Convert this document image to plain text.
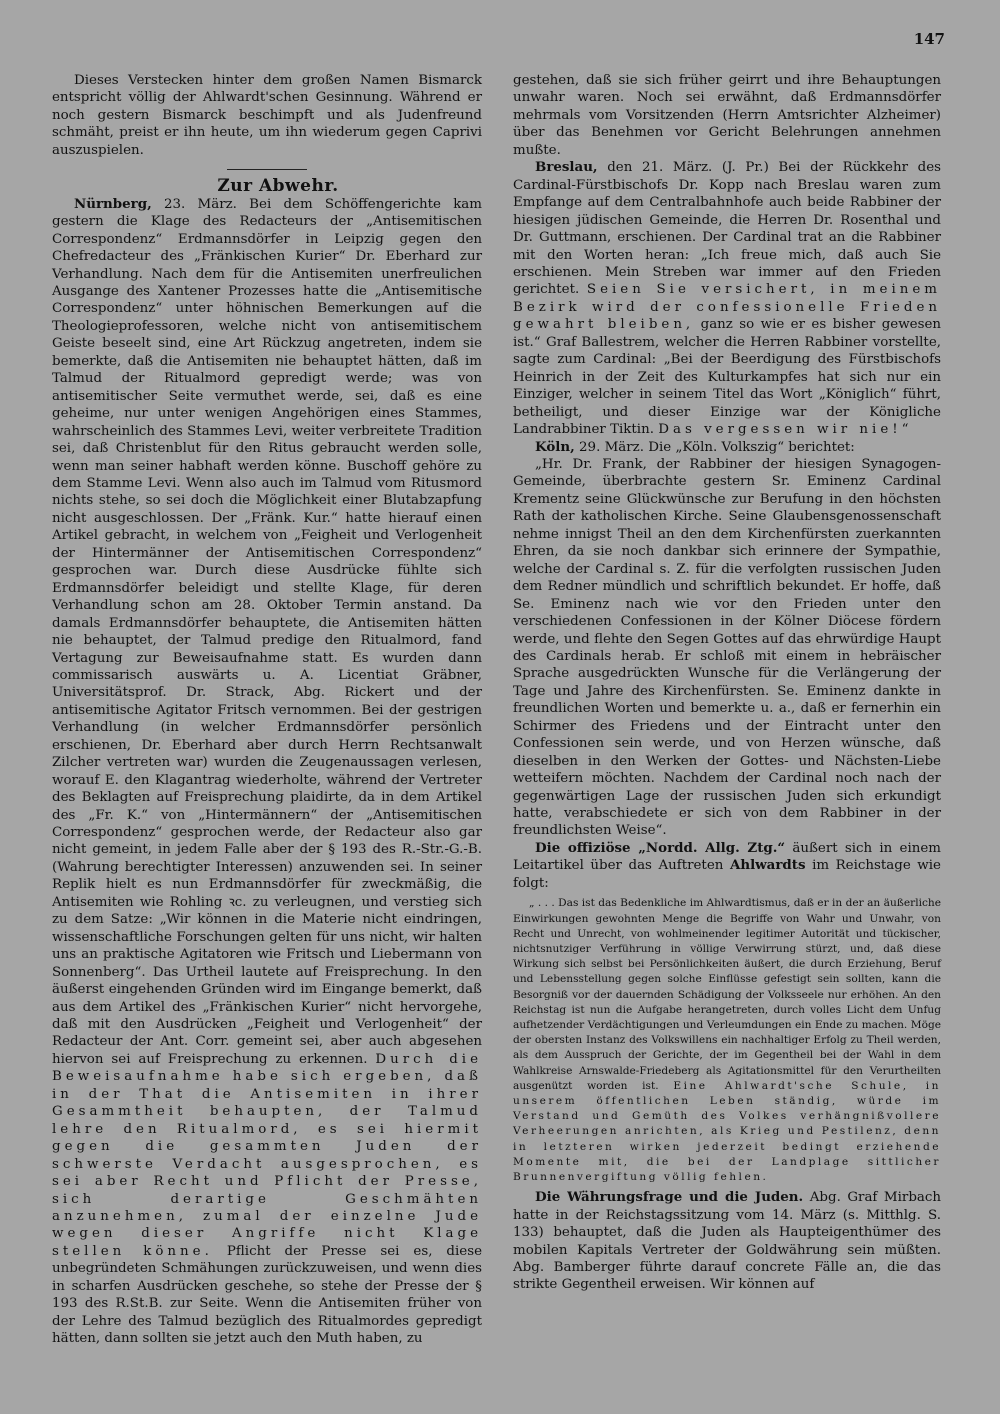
147

Dieses Verstecken hinter dem großen Namen Bismarck entspricht völlig der Ahlwardt'schen Gesinnung. Während er noch gestern Bismarck beschimpft und als Judenfreund schmäht, preist er ihn heute, um ihn wiederum gegen Caprivi auszuspielen.

Zur Abwehr.

Nürnberg, 23. März. Bei dem Schöffengerichte kam gestern die Klage des Redacteurs der „Antisemitischen Correspondenz“ Erdmannsdörfer in Leipzig gegen den Chefredacteur des „Fränkischen Kurier“ Dr. Eberhard zur Verhandlung. Nach dem für die Antisemiten unerfreulichen Ausgange des Xantener Prozesses hatte die „Antisemitische Correspondenz“ unter höhnischen Bemerkungen auf die Theologieprofessoren, welche nicht von antisemitischem Geiste beseelt sind, eine Art Rückzug angetreten, indem sie bemerkte, daß die Antisemiten nie behauptet hätten, daß im Talmud der Ritualmord gepredigt werde; was von antisemitischer Seite vermuthet werde, sei, daß es eine geheime, nur unter wenigen Angehörigen eines Stammes, wahrscheinlich des Stammes Levi, weiter verbreitete Tradition sei, daß Christenblut für den Ritus gebraucht werden solle, wenn man seiner habhaft werden könne. Buschoff gehöre zu dem Stamme Levi. Wenn also auch im Talmud vom Ritusmord nichts stehe, so sei doch die Möglichkeit einer Blutabzapfung nicht ausgeschlossen. Der „Fränk. Kur.“ hatte hierauf einen Artikel gebracht, in welchem von „Feigheit und Verlogenheit der Hintermänner der Antisemitischen Correspondenz“ gesprochen war. Durch diese Ausdrücke fühlte sich Erdmannsdörfer beleidigt und stellte Klage, für deren Verhandlung schon am 28. Oktober Termin anstand. Da damals Erdmannsdörfer behauptete, die Antisemiten hätten nie behauptet, der Talmud predige den Ritualmord, fand Vertagung zur Beweisaufnahme statt. Es wurden dann commissarisch auswärts u. A. Licentiat Gräbner, Universitätsprof. Dr. Strack, Abg. Rickert und der antisemitische Agitator Fritsch vernommen. Bei der gestrigen Verhandlung (in welcher Erdmannsdörfer persönlich erschienen, Dr. Eberhard aber durch Herrn Rechtsanwalt Zilcher vertreten war) wurden die Zeugenaussagen verlesen, worauf E. den Klagantrag wiederholte, während der Vertreter des Beklagten auf Freisprechung plaidirte, da in dem Artikel des „Fr. K.“ von „Hintermännern“ der „Antisemitischen Correspondenz“ gesprochen werde, der Redacteur also gar nicht gemeint, in jedem Falle aber der § 193 des R.-Str.-G.-B. (Wahrung berechtigter Interessen) anzuwenden sei. In seiner Replik hielt es nun Erdmannsdörfer für zweckmäßig, die Antisemiten wie Rohling ꝛc. zu verleugnen, und verstieg sich zu dem Satze: „Wir können in die Materie nicht eindringen, wissenschaftliche Forschungen gelten für uns nicht, wir halten uns an praktische Agitatoren wie Fritsch und Liebermann von Sonnenberg“. Das Urtheil lautete auf Freisprechung. In den äußerst eingehenden Gründen wird im Eingange bemerkt, daß aus dem Artikel des „Fränkischen Kurier“ nicht hervorgehe, daß mit den Ausdrücken „Feigheit und Verlogenheit“ der Redacteur der Ant. Corr. gemeint sei, aber auch abgesehen hiervon sei auf Freisprechung zu erkennen. Durch die Beweisaufnahme habe sich ergeben, daß in der That die Antisemiten in ihrer Gesammtheit behaupten, der Talmud lehre den Ritualmord, es sei hiermit gegen die gesammten Juden der schwerste Verdacht ausgesprochen, es sei aber Recht und Pflicht der Presse, sich derartige Geschmähten anzunehmen, zumal der einzelne Jude wegen dieser Angriffe nicht Klage stellen könne. Pflicht der Presse sei es, diese unbegründeten Schmähungen zurückzuweisen, und wenn dies in scharfen Ausdrücken geschehe, so stehe der Presse der § 193 des R.St.B. zur Seite. Wenn die Antisemiten früher von der Lehre des Talmud bezüglich des Ritualmordes gepredigt hätten, dann sollten sie jetzt auch den Muth haben, zu

gestehen, daß sie sich früher geirrt und ihre Behauptungen unwahr waren. Noch sei erwähnt, daß Erdmannsdörfer mehrmals vom Vorsitzenden (Herrn Amtsrichter Alzheimer) über das Benehmen vor Gericht Belehrungen annehmen mußte.

Breslau, den 21. März. (J. Pr.) Bei der Rückkehr des Cardinal-Fürstbischofs Dr. Kopp nach Breslau waren zum Empfange auf dem Centralbahnhofe auch beide Rabbiner der hiesigen jüdischen Gemeinde, die Herren Dr. Rosenthal und Dr. Guttmann, erschienen. Der Cardinal trat an die Rabbiner mit den Worten heran: „Ich freue mich, daß auch Sie erschienen. Mein Streben war immer auf den Frieden gerichtet. Seien Sie versichert, in meinem Bezirk wird der confessionelle Frieden gewahrt bleiben, ganz so wie er es bisher gewesen ist.“ Graf Ballestrem, welcher die Herren Rabbiner vorstellte, sagte zum Cardinal: „Bei der Beerdigung des Fürstbischofs Heinrich in der Zeit des Kulturkampfes hat sich nur ein Einziger, welcher in seinem Titel das Wort „Königlich“ führt, betheiligt, und dieser Einzige war der Königliche Landrabbiner Tiktin. Das vergessen wir nie!“

Köln, 29. März. Die „Köln. Volkszig“ berichtet:

„Hr. Dr. Frank, der Rabbiner der hiesigen Synagogen-Gemeinde, überbrachte gestern Sr. Eminenz Cardinal Krementz seine Glückwünsche zur Berufung in den höchsten Rath der katholischen Kirche. Seine Glaubensgenossenschaft nehme innigst Theil an den dem Kirchenfürsten zuerkannten Ehren, da sie noch dankbar sich erinnere der Sympathie, welche der Cardinal s. Z. für die verfolgten russischen Juden dem Redner mündlich und schriftlich bekundet. Er hoffe, daß Se. Eminenz nach wie vor den Frieden unter den verschiedenen Confessionen in der Kölner Diöcese fördern werde, und flehte den Segen Gottes auf das ehrwürdige Haupt des Cardinals herab. Er schloß mit einem in hebräischer Sprache ausgedrückten Wunsche für die Verlängerung der Tage und Jahre des Kirchenfürsten. Se. Eminenz dankte in freundlichen Worten und bemerkte u. a., daß er fernerhin ein Schirmer des Friedens und der Eintracht unter den Confessionen sein werde, und von Herzen wünsche, daß dieselben in den Werken der Gottes- und Nächsten-Liebe wetteifern möchten. Nachdem der Cardinal noch nach der gegenwärtigen Lage der russischen Juden sich erkundigt hatte, verabschiedete er sich von dem Rabbiner in der freundlichsten Weise“.

Die offiziöse „Nordd. Allg. Ztg.“ äußert sich in einem Leitartikel über das Auftreten Ahlwardts im Reichstage wie folgt:

„ . . . Das ist das Bedenkliche im Ahlwardtismus, daß er in der an äußerliche Einwirkungen gewohnten Menge die Begriffe von Wahr und Unwahr, von Recht und Unrecht, von wohlmeinender legitimer Autorität und tückischer, nichtsnutziger Verführung in völlige Verwirrung stürzt, und, daß diese Wirkung sich selbst bei Persönlichkeiten äußert, die durch Erziehung, Beruf und Lebensstellung gegen solche Einflüsse gefestigt sein sollten, kann die Besorgniß vor der dauernden Schädigung der Volksseele nur erhöhen. An den Reichstag ist nun die Aufgabe herangetreten, durch volles Licht dem Unfug aufhetzender Verdächtigungen und Verleumdungen ein Ende zu machen. Möge der obersten Instanz des Volkswillens ein nachhaltiger Erfolg zu Theil werden, als dem Ausspruch der Gerichte, der im Gegentheil bei der Wahl in dem Wahlkreise Arnswalde-Friedeberg als Agitationsmittel für den Verurtheilten ausgenützt worden ist. Eine Ahlwardt'sche Schule, in unserem öffentlichen Leben ständig, würde im Verstand und Gemüth des Volkes verhängnißvollere Verheerungen anrichten, als Krieg und Pestilenz, denn in letzteren wirken jederzeit bedingt erziehende Momente mit, die bei der Landplage sittlicher Brunnenvergiftung völlig fehlen.

Die Währungsfrage und die Juden. Abg. Graf Mirbach hatte in der Reichstagssitzung vom 14. März (s. Mitthlg. S. 133) behauptet, daß die Juden als Haupteigenthümer des mobilen Kapitals Vertreter der Goldwährung sein müßten. Abg. Bamberger führte darauf concrete Fälle an, die das strikte Gegentheil erweisen. Wir können auf
